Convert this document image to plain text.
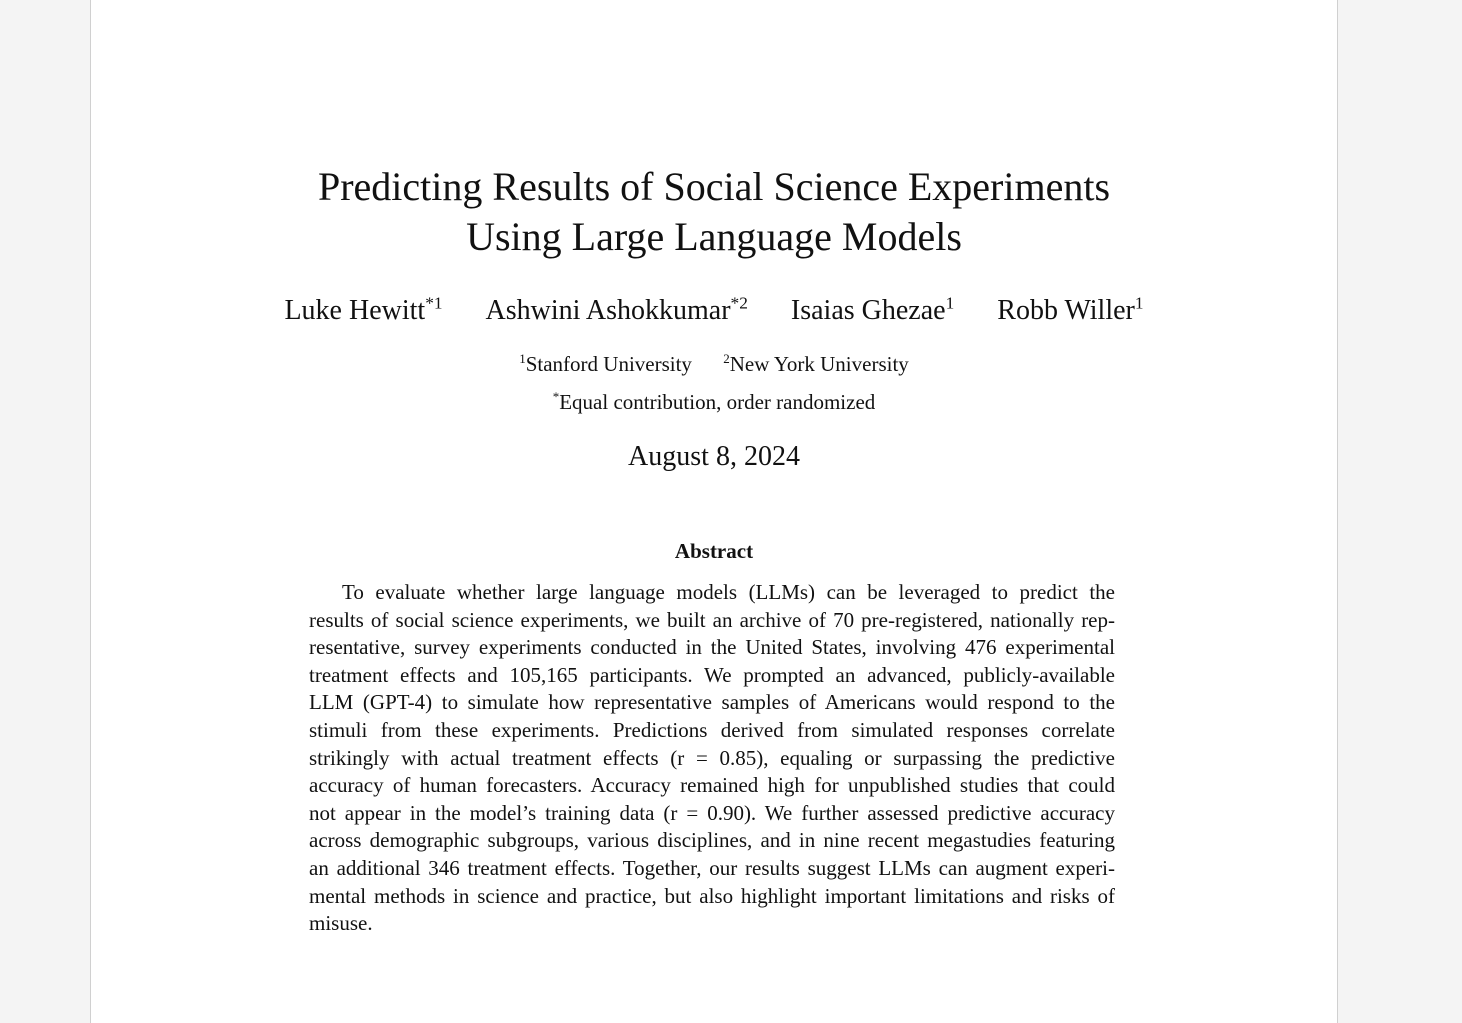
Predicting Results of Social Science Experiments
Using Large Language Models
Luke Hewitt$^{*1}$ Ashwini Ashokkumar$^{*2}$ Isaias Ghezae$^1$ Robb Willer$^1$
$^1$Stanford University $^2$New York University
*Equal contribution, order randomized
August 8, 2024
Abstract
To evaluate whether large language models (LLMs) can be leveraged to predict the
results of social science experiments, we built an archive of 70 pre-registered, nationally rep-
resentative, survey experiments conducted in the United States, involving 476 experimental
treatment effects and 105,165 participants. We prompted an advanced, publicly-available
LLM (GPT-4) to simulate how representative samples of Americans would respond to the
stimuli from these experiments. Predictions derived from simulated responses correlate
strikingly with actual treatment effects (r = 0.85), equaling or surpassing the predictive
accuracy of human forecasters. Accuracy remained high for unpublished studies that could
not appear in the model’s training data (r = 0.90). We further assessed predictive accuracy
across demographic subgroups, various disciplines, and in nine recent megastudies featuring
an additional 346 treatment effects. Together, our results suggest LLMs can augment experi-
mental methods in science and practice, but also highlight important limitations and risks of
misuse.
